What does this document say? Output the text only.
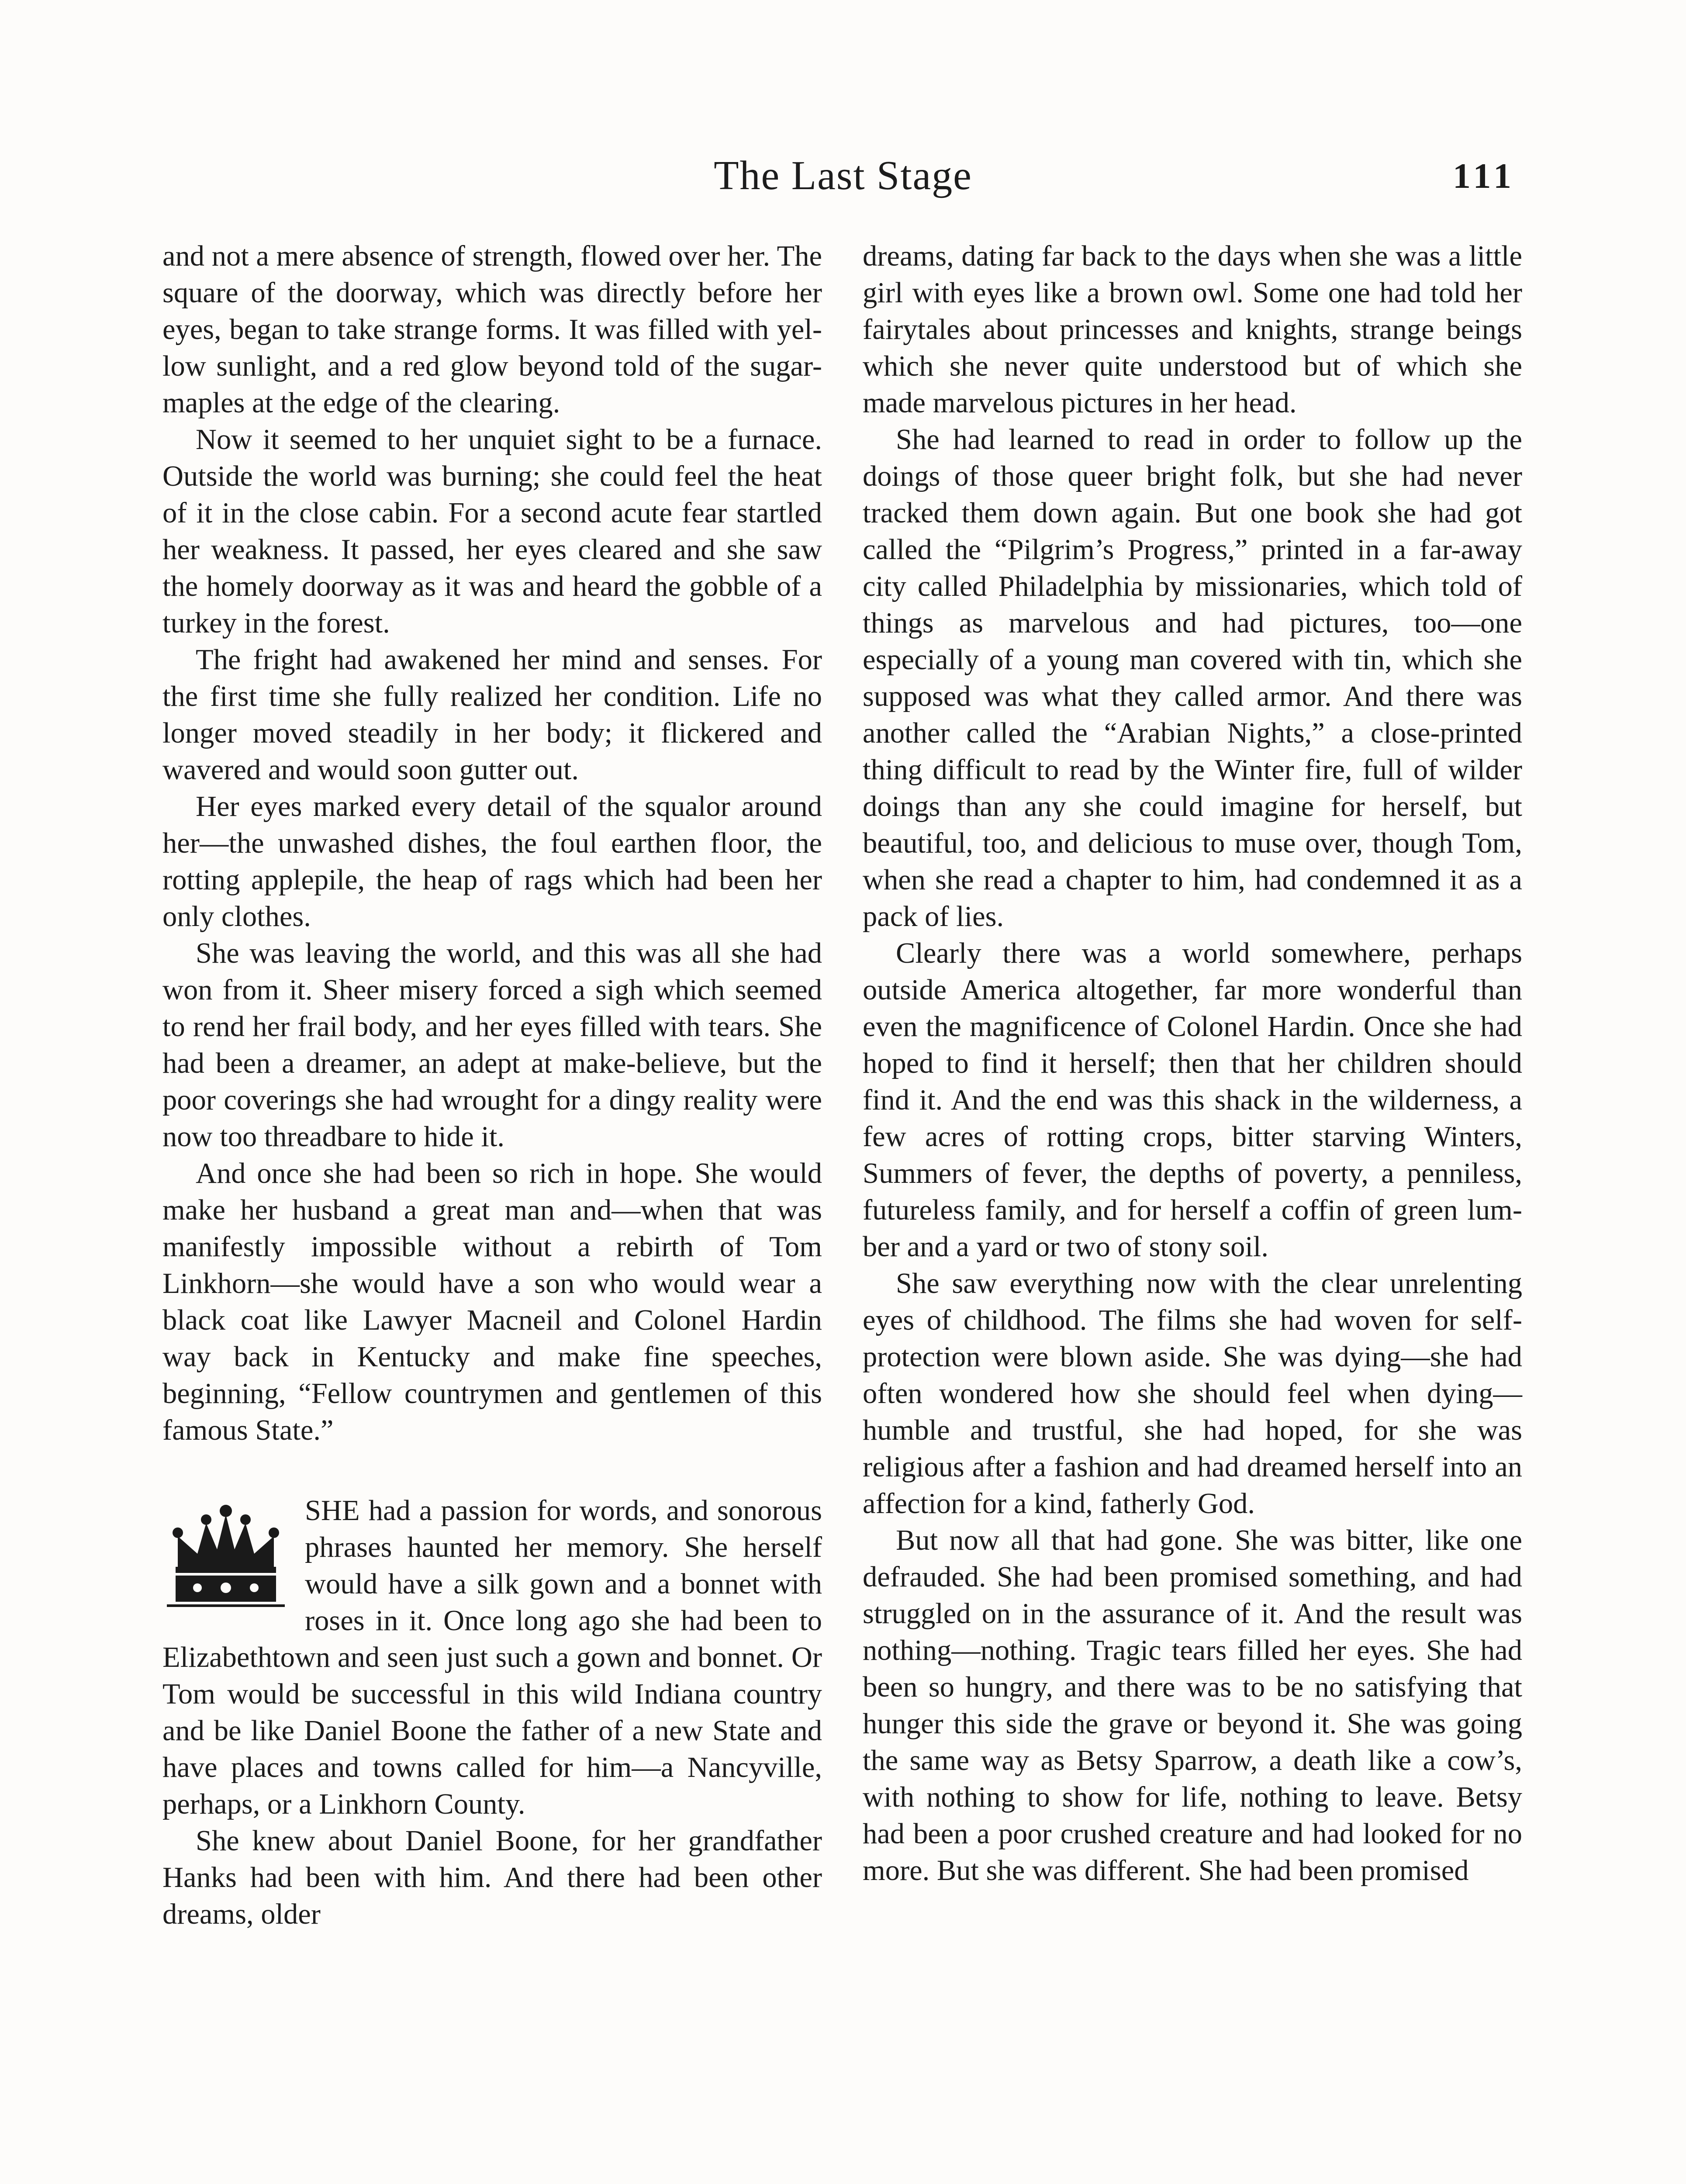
The Last Stage	111

and not a mere absence of strength, flowed over her. The square of the doorway, which was directly before her eyes, began to take strange forms. It was filled with yellow sunlight, and a red glow beyond told of the sugar-maples at the edge of the clearing.

Now it seemed to her unquiet sight to be a furnace. Outside the world was burning; she could feel the heat of it in the close cabin. For a second acute fear startled her weakness. It passed, her eyes cleared and she saw the homely doorway as it was and heard the gobble of a turkey in the forest.

The fright had awakened her mind and senses. For the first time she fully realized her condition. Life no longer moved steadily in her body; it flickered and wavered and would soon gutter out.

Her eyes marked every detail of the squalor around her—the unwashed dishes, the foul earthen floor, the rotting applepile, the heap of rags which had been her only clothes.

She was leaving the world, and this was all she had won from it. Sheer misery forced a sigh which seemed to rend her frail body, and her eyes filled with tears. She had been a dreamer, an adept at make-believe, but the poor coverings she had wrought for a dingy reality were now too threadbare to hide it.

And once she had been so rich in hope. She would make her husband a great man and—when that was manifestly impossible without a rebirth of Tom Linkhorn—she would have a son who would wear a black coat like Lawyer Macneil and Colonel Hardin way back in Kentucky and make fine speeches, beginning, “Fellow countrymen and gentlemen of this famous State.”

SHE had a passion for words, and sonorous phrases haunted her memory. She herself would have a silk gown and a bonnet with roses in it. Once long ago she had been to Elizabethtown and seen just such a gown and bonnet. Or Tom would be successful in this wild Indiana country and be like Daniel Boone the father of a new State and have places and towns called for him—a Nancyville, perhaps, or a Linkhorn County.

She knew about Daniel Boone, for her grandfather Hanks had been with him. And there had been other dreams, older

dreams, dating far back to the days when she was a little girl with eyes like a brown owl. Some one had told her fairytales about princesses and knights, strange beings which she never quite understood but of which she made marvelous pictures in her head.

She had learned to read in order to follow up the doings of those queer bright folk, but she had never tracked them down again. But one book she had got called the “Pilgrim’s Progress,” printed in a far-away city called Philadelphia by missionaries, which told of things as marvelous and had pictures, too—one especially of a young man covered with tin, which she supposed was what they called armor. And there was another called the “Arabian Nights,” a close-printed thing difficult to read by the Winter fire, full of wilder doings than any she could imagine for herself, but beautiful, too, and delicious to muse over, though Tom, when she read a chapter to him, had condemned it as a pack of lies.

Clearly there was a world somewhere, perhaps outside America altogether, far more wonderful than even the magnificence of Colonel Hardin. Once she had hoped to find it herself; then that her children should find it. And the end was this shack in the wilderness, a few acres of rotting crops, bitter starving Winters, Summers of fever, the depths of poverty, a penniless, futureless family, and for herself a coffin of green lumber and a yard or two of stony soil.

She saw everything now with the clear unrelenting eyes of childhood. The films she had woven for self-protection were blown aside. She was dying—she had often wondered how she should feel when dying—humble and trustful, she had hoped, for she was religious after a fashion and had dreamed herself into an affection for a kind, fatherly God.

But now all that had gone. She was bitter, like one defrauded. She had been promised something, and had struggled on in the assurance of it. And the result was nothing—nothing. Tragic tears filled her eyes. She had been so hungry, and there was to be no satisfying that hunger this side the grave or beyond it. She was going the same way as Betsy Sparrow, a death like a cow’s, with nothing to show for life, nothing to leave. Betsy had been a poor crushed creature and had looked for no more. But she was different. She had been promised
